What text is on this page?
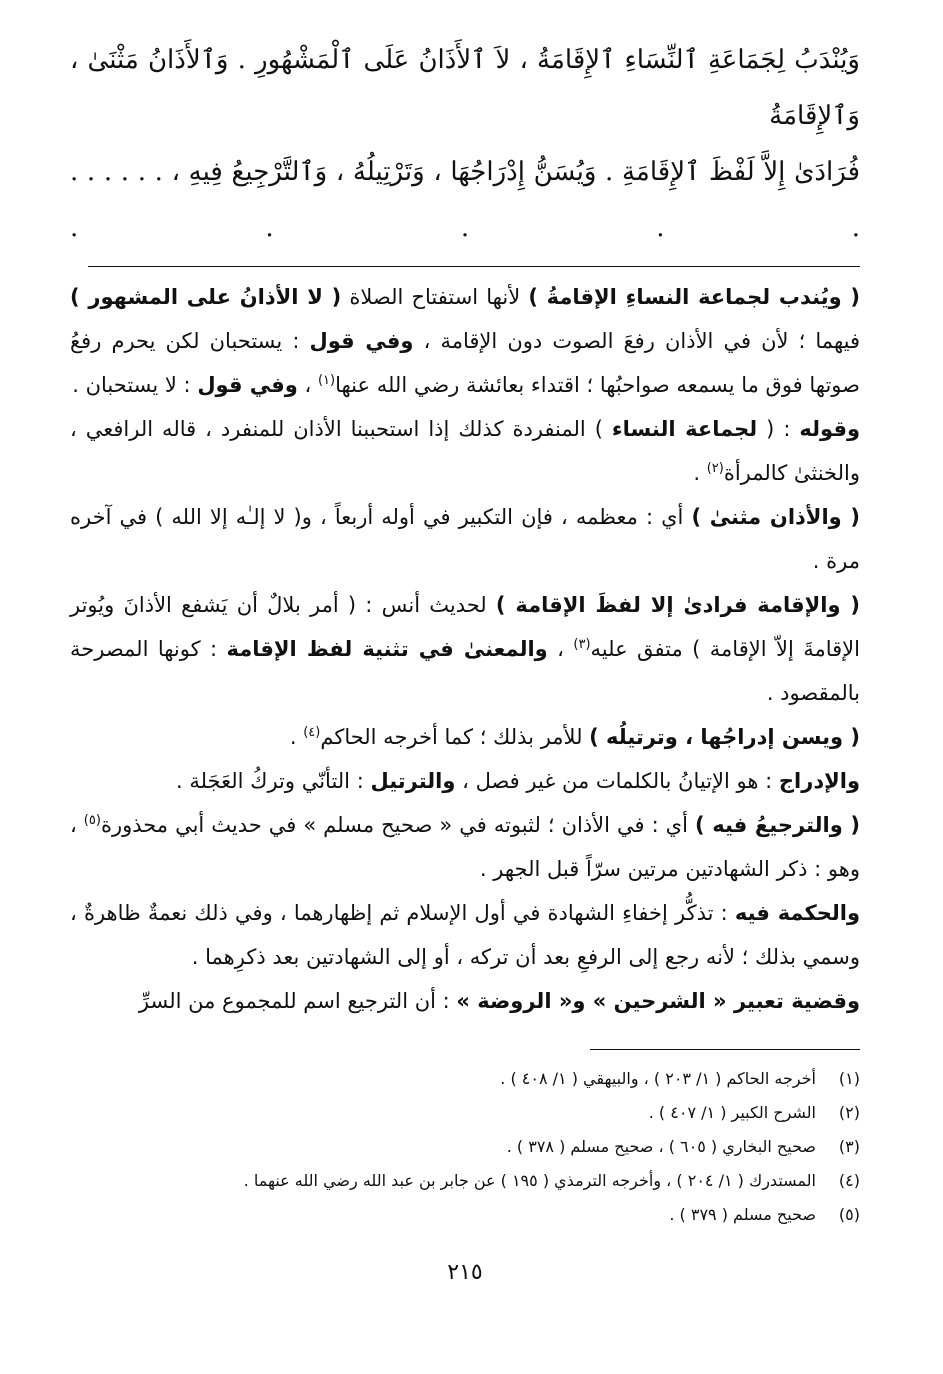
وَيُنْدَبُ لِجَمَاعَةِ ٱلنِّسَاءِ ٱلإِقَامَةُ ، لاَ ٱلأَذَانُ عَلَى ٱلْمَشْهُورِ . وَٱلأَذَانُ مَثْنَىٰ ، وَٱلإِقَامَةُ
فُرَادَىٰ إِلاَّ لَفْظَ ٱلإِقَامَةِ . وَيُسَنُّ إِدْرَاجُهَا ، وَتَرْتِيلُهُ ، وَٱلتَّرْجِيعُ فِيهِ ، . . . . . . . . . . .

( ويُندب لجماعة النساءِ الإقامةُ ) لأنها استفتاح الصلاة ( لا الأذانُ على المشهور ) فيهما ؛ لأن في الأذان رفعَ الصوت دون الإقامة ، وفي قول : يستحبان لكن يحرم رفعُ صوتها فوق ما يسمعه صواحبُها ؛ اقتداء بعائشة رضي الله عنها$^{(١)}$ ، وفي قول : لا يستحبان .

وقوله : ( لجماعة النساء ) المنفردة كذلك إذا استحببنا الأذان للمنفرد ، قاله الرافعي ، والخنثىٰ كالمرأة$^{(٢)}$ .

( والأذان مثنىٰ ) أي : معظمه ، فإن التكبير في أوله أربعاً ، و( لا إلـٰه إلا الله ) في آخره مرة .

( والإقامة فرادىٰ إلا لفظَ الإقامة ) لحديث أنس : ( أمر بلالٌ أن يَشفع الأذانَ ويُوتر الإقامةَ إلاّ الإقامة ) متفق عليه$^{(٣)}$ ، والمعنىٰ في تثنية لفظ الإقامة : كونها المصرحة بالمقصود .

( ويسن إدراجُها ، وترتيلُه ) للأمر بذلك ؛ كما أخرجه الحاكم$^{(٤)}$ .

والإدراج : هو الإتيانُ بالكلمات من غير فصل ، والترتيل : التأنّي وتركُ العَجَلة .

( والترجيعُ فيه ) أي : في الأذان ؛ لثبوته في « صحيح مسلم » في حديث أبي محذورة$^{(٥)}$ ، وهو : ذكر الشهادتين مرتين سرّاً قبل الجهر .

والحكمة فيه : تذكُّر إخفاءِ الشهادة في أول الإسلام ثم إظهارهما ، وفي ذلك نعمةٌ ظاهرةٌ ، وسمي بذلك ؛ لأنه رجع إلى الرفعِ بعد أن تركه ، أو إلى الشهادتين بعد ذكرِهما .

وقضية تعبير « الشرحين » و« الروضة » : أن الترجيع اسم للمجموع من السرِّ

(١)
أخرجه الحاكم ( ١/ ٢٠٣ ) ، والبيهقي ( ١/ ٤٠٨ ) .
(٢)
الشرح الكبير ( ١/ ٤٠٧ ) .
(٣)
صحيح البخاري ( ٦٠٥ ) ، صحيح مسلم ( ٣٧٨ ) .
(٤)
المستدرك ( ١/ ٢٠٤ ) ، وأخرجه الترمذي ( ١٩٥ ) عن جابر بن عبد الله رضي الله عنهما .
(٥)
صحيح مسلم ( ٣٧٩ ) .
٢١٥
